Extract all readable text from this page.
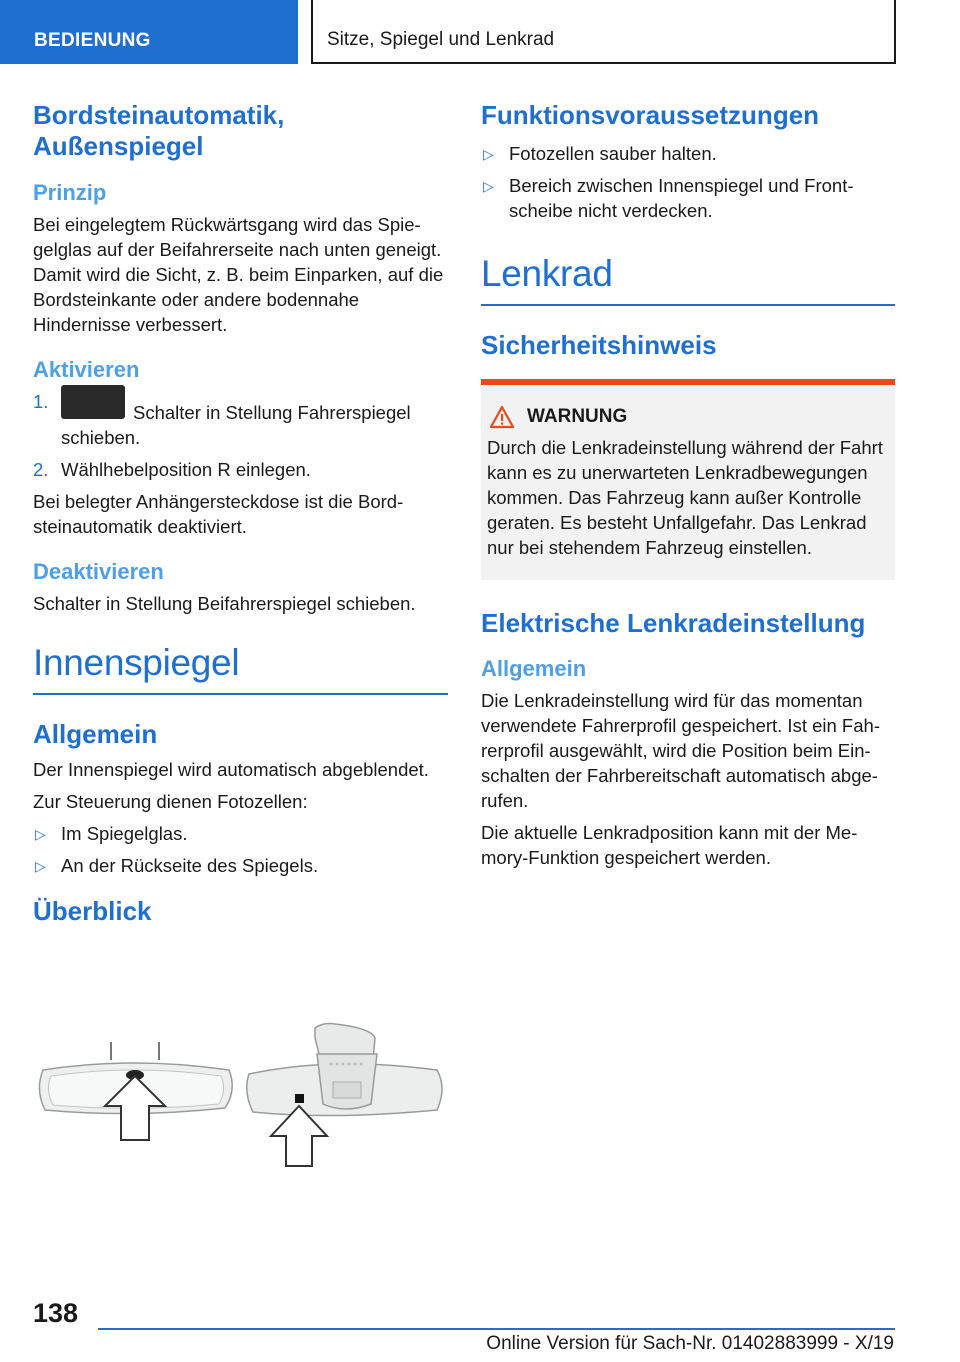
BEDIENUNG	Sitze, Spiegel und Lenkrad
Bordsteinautomatik, Außenspiegel
Prinzip

Bei eingelegtem Rückwärtsgang wird das Spiegelglas auf der Beifahrerseite nach unten geneigt. Damit wird die Sicht, z. B. beim Einparken, auf die Bordsteinkante oder andere bodennahe Hindernisse verbessert.

Aktivieren
1.
Schalter in Stellung Fahrerspiegel schieben.
2. Wählhebelposition R einlegen.

Bei belegter Anhängersteckdose ist die Bordsteinautomatik deaktiviert.

Deaktivieren

Schalter in Stellung Beifahrerspiegel schieben.

Innenspiegel
Allgemein

Der Innenspiegel wird automatisch abgeblendet.

Zur Steuerung dienen Fotozellen:

▷ Im Spiegelglas.
▷ An der Rückseite des Spiegels.
Überblick
Funktionsvoraussetzungen
▷ Fotozellen sauber halten.
▷ Bereich zwischen Innenspiegel und Frontscheibe nicht verdecken.
Lenkrad
Sicherheitshinweis
WARNUNG

Durch die Lenkradeinstellung während der Fahrt kann es zu unerwarteten Lenkradbewegungen kommen. Das Fahrzeug kann außer Kontrolle geraten. Es besteht Unfallgefahr. Das Lenkrad nur bei stehendem Fahrzeug einstellen.

Elektrische Lenkradeinstellung
Allgemein

Die Lenkradeinstellung wird für das momentan verwendete Fahrerprofil gespeichert. Ist ein Fahrerprofil ausgewählt, wird die Position beim Einschalten der Fahrbereitschaft automatisch abgerufen.

Die aktuelle Lenkradposition kann mit der Memory-Funktion gespeichert werden.

138
Online Version für Sach-Nr. 01402883999 - X/19
